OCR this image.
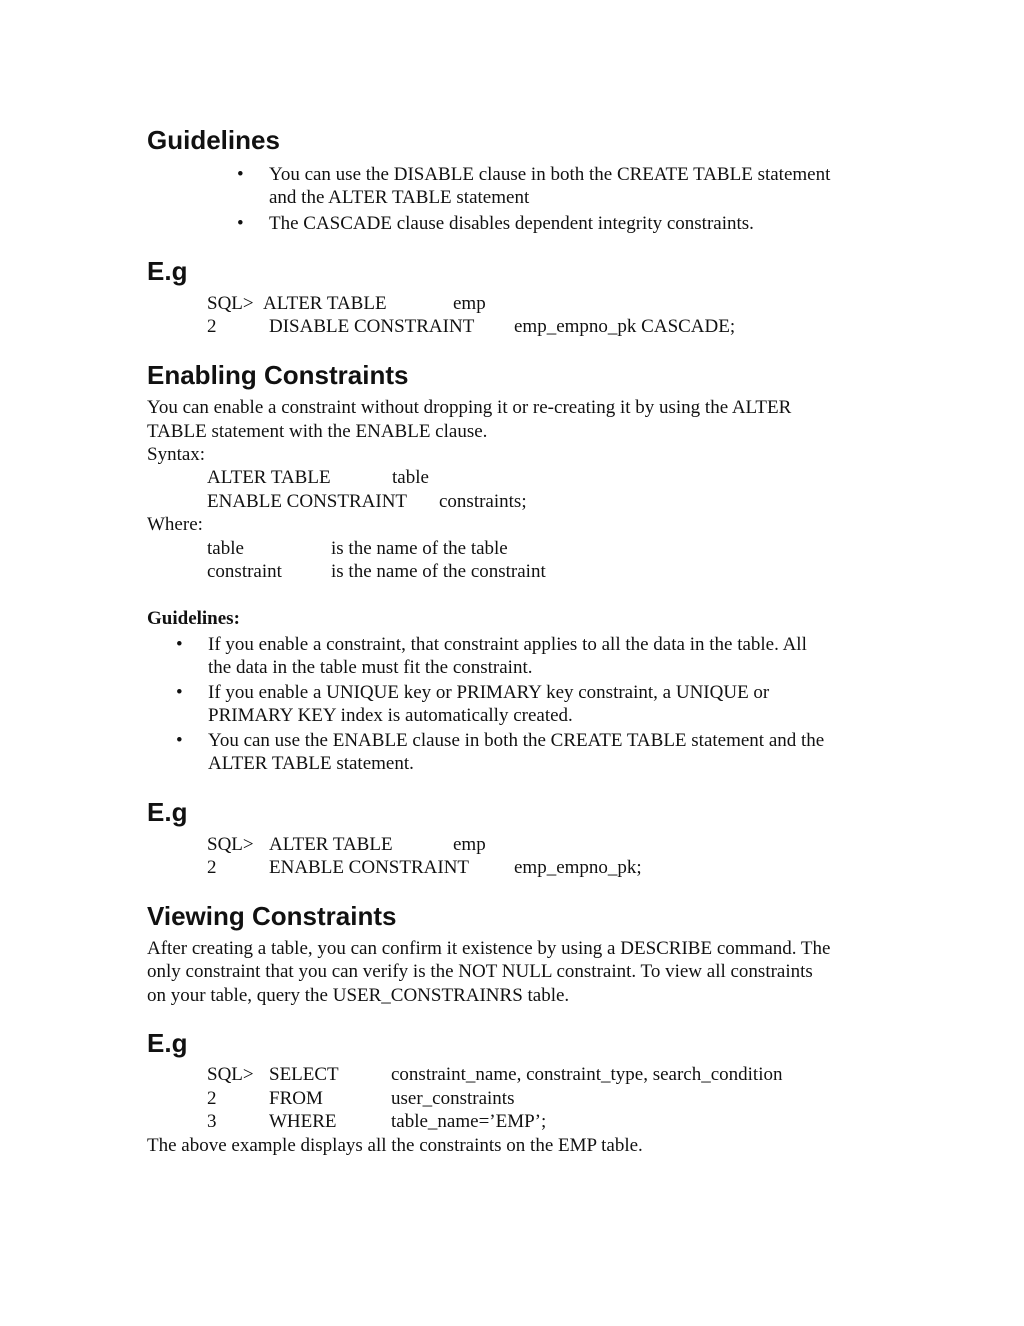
Guidelines
• You can use the DISABLE clause in both the CREATE TABLE statement

and the ALTER TABLE statement

• The CASCADE clause disables dependent integrity constraints.

E.g

SQL> ALTER TABLE	emp

2	DISABLE CONSTRAINT emp_empno_pk CASCADE;

Enabling Constraints

You can enable a constraint without dropping it or re-creating it by using the ALTER

TABLE statement with the ENABLE clause.

Syntax:

ALTER TABLE	table

ENABLE CONSTRAINT constraints;

Where:

table	is the name of the table

constraint	is the name of the constraint

Guidelines:

• If you enable a constraint, that constraint applies to all the data in the table. All

the data in the table must fit the constraint.

• If you enable a UNIQUE key or PRIMARY key constraint, a UNIQUE or

PRIMARY KEY index is automatically created.

• You can use the ENABLE clause in both the CREATE TABLE statement and the

ALTER TABLE statement.

E.g

SQL> ALTER TABLE	emp

2	ENABLE CONSTRAINT emp_empno_pk;

Viewing Constraints

After creating a table, you can confirm it existence by using a DESCRIBE command. The

only constraint that you can verify is the NOT NULL constraint. To view all constraints

on your table, query the USER_CONSTRAINRS table.

E.g

SQL> SELECT	constraint_name, constraint_type, search_condition

2	FROM	user_constraints

3	WHERE	table_name=’EMP’;

The above example displays all the constraints on the EMP table.
